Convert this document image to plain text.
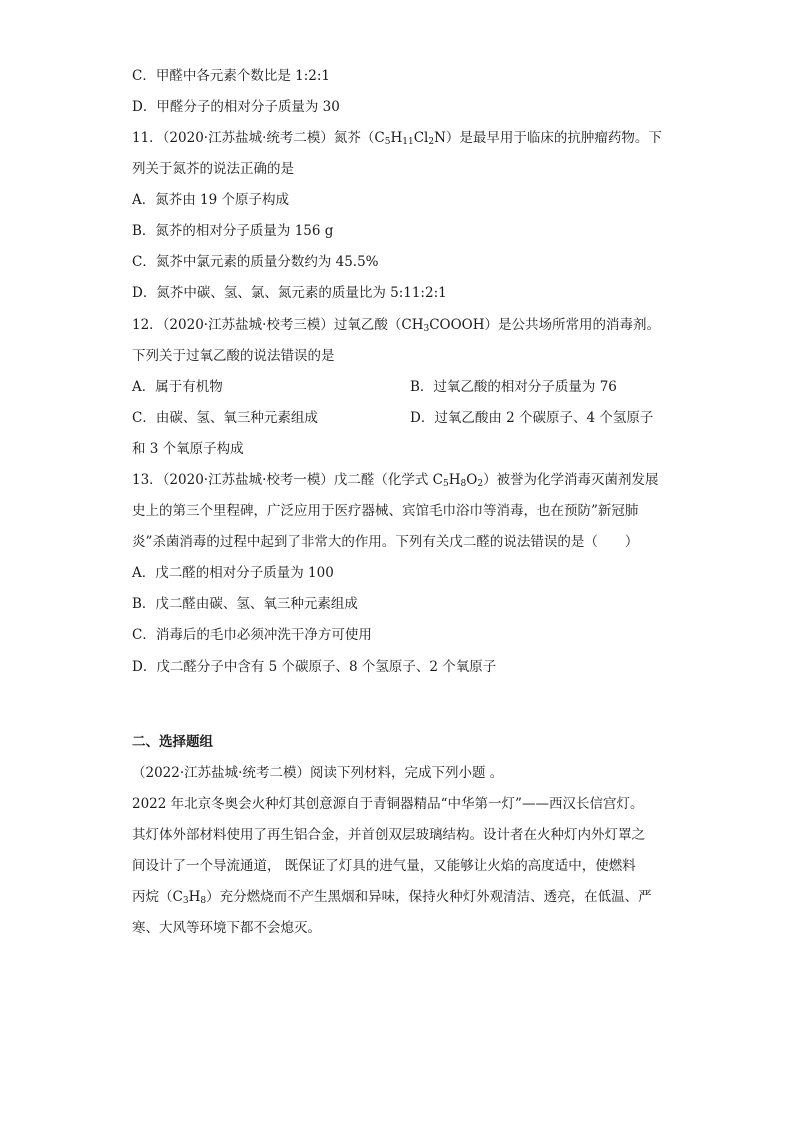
C．甲醛中各元素个数比是 1:2:1
D．甲醛分子的相对分子质量为 30
11．（2020·江苏盐城·统考二模）氮芥$(C_5H_{11}Cl_2N)$是最早用于临床的抗肿瘤药物。下
列关于氮芥的说法正确的是
A．氮芥由 19 个原子构成
B．氮芥的相对分子质量为 156 g
C．氮芥中氯元素的质量分数约为 45.5%
D．氮芥中碳、氢、氯、氮元素的质量比为 5:11:2:1
12．（2020·江苏盐城·校考三模）过氧乙酸$(CH_3COOOH)$是公共场所常用的消毒剂。
下列关于过氧乙酸的说法错误的是
A．属于有机物	B．过氧乙酸的相对分子质量为 76
C．由碳、氢、氧三种元素组成	D．过氧乙酸由 2 个碳原子、4 个氢原子
和 3 个氧原子构成
13．（2020·江苏盐城·校考一模）戊二醛（化学式 $C_5H_8O_2$）被誉为化学消毒灭菌剂发展
史上的第三个里程碑，广泛应用于医疗器械、宾馆毛巾浴巾等消毒，也在预防”新冠肺
炎”杀菌消毒的过程中起到了非常大的作用。下列有关戊二醛的说法错误的是（　　）
A．戊二醛的相对分子质量为 100
B．戊二醛由碳、氢、氧三种元素组成
C．消毒后的毛巾必须冲洗干净方可使用
D．戊二醛分子中含有 5 个碳原子、8 个氢原子、2 个氧原子
二、选择题组
（2022·江苏盐城·统考二模）阅读下列材料，完成下列小题 。
2022 年北京冬奥会火种灯其创意源自于青铜器精品“中华第一灯”——西汉长信宫灯。
其灯体外部材料使用了再生铝合金，并首创双层玻璃结构。设计者在火种灯内外灯罩之
间设计了一个导流通道， 既保证了灯具的进气量，又能够让火焰的高度适中，使燃料
丙烷$(C_3H_8)$充分燃烧而不产生黑烟和异味，保持火种灯外观清洁、透亮，在低温、严
寒、大风等环境下都不会熄灭。
